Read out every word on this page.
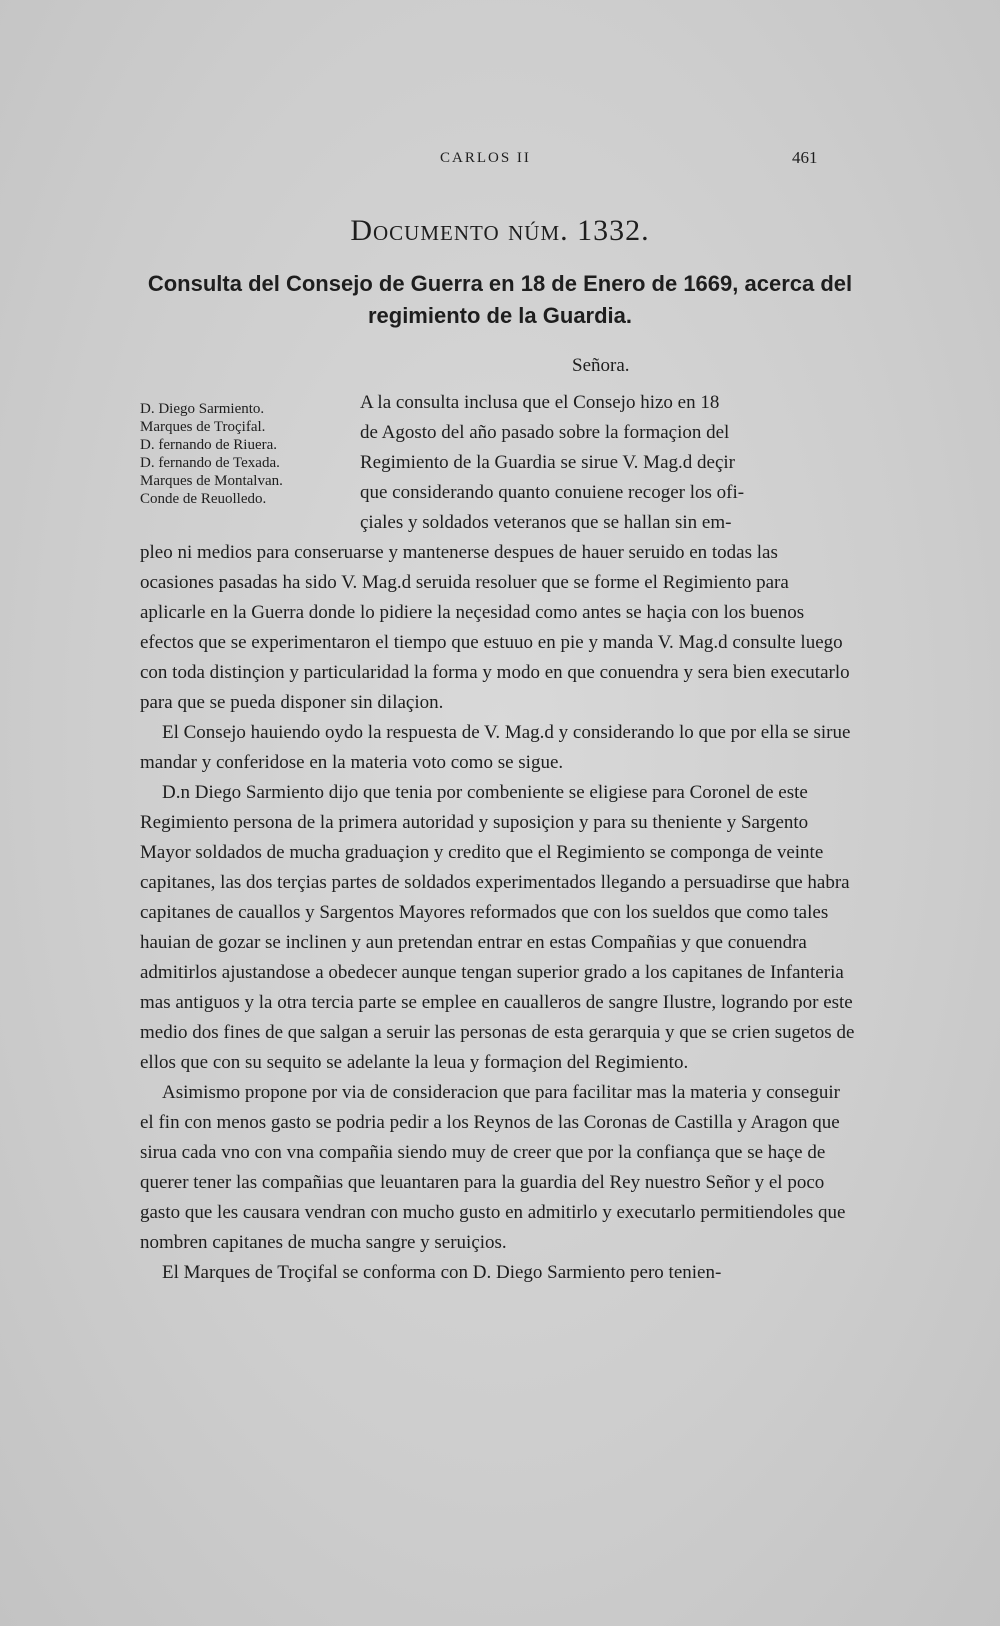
CARLOS II	461
Documento núm. 1332.
Consulta del Consejo de Guerra en 18 de Enero de 1669, acerca del regimiento de la Guardia.
Señora.
D. Diego Sarmiento.
Marques de Troçifal.
D. fernando de Riuera.
D. fernando de Texada.
Marques de Montalvan.
Conde de Reuolledo.
A la consulta inclusa que el Consejo hizo en 18
de Agosto del año pasado sobre la formaçion del
Regimiento de la Guardia se sirue V. Mag.d deçir
que considerando quanto conuiene recoger los ofi-
çiales y soldados veteranos que se hallan sin em-

pleo ni medios para conseruarse y mantenerse despues de hauer seruido en todas las ocasiones pasadas ha sido V. Mag.d seruida resoluer que se forme el Regimiento para aplicarle en la Guerra donde lo pidiere la neçesidad como antes se haçia con los buenos efectos que se experimentaron el tiempo que estuuo en pie y manda V. Mag.d consulte luego con toda distinçion y particularidad la forma y modo en que conuendra y sera bien executarlo para que se pueda disponer sin dilaçion.

El Consejo hauiendo oydo la respuesta de V. Mag.d y considerando lo que por ella se sirue mandar y conferidose en la materia voto como se sigue.

D.n Diego Sarmiento dijo que tenia por combeniente se eligiese para Coronel de este Regimiento persona de la primera autoridad y suposiçion y para su theniente y Sargento Mayor soldados de mucha graduaçion y credito que el Regimiento se componga de veinte capitanes, las dos terçias partes de soldados experimentados llegando a persuadirse que habra capitanes de cauallos y Sargentos Mayores reformados que con los sueldos que como tales hauian de gozar se inclinen y aun pretendan entrar en estas Compañias y que conuendra admitirlos ajustandose a obedecer aunque tengan superior grado a los capitanes de Infanteria mas antiguos y la otra tercia parte se emplee en caualleros de sangre Ilustre, logrando por este medio dos fines de que salgan a seruir las personas de esta gerarquia y que se crien sugetos de ellos que con su sequito se adelante la leua y formaçion del Regimiento.

Asimismo propone por via de consideracion que para facilitar mas la materia y conseguir el fin con menos gasto se podria pedir a los Reynos de las Coronas de Castilla y Aragon que sirua cada vno con vna compañia siendo muy de creer que por la confiança que se haçe de querer tener las compañias que leuantaren para la guardia del Rey nuestro Señor y el poco gasto que les causara vendran con mucho gusto en admitirlo y executarlo permitiendoles que nombren capitanes de mucha sangre y seruiçios.

El Marques de Troçifal se conforma con D. Diego Sarmiento pero tenien-
